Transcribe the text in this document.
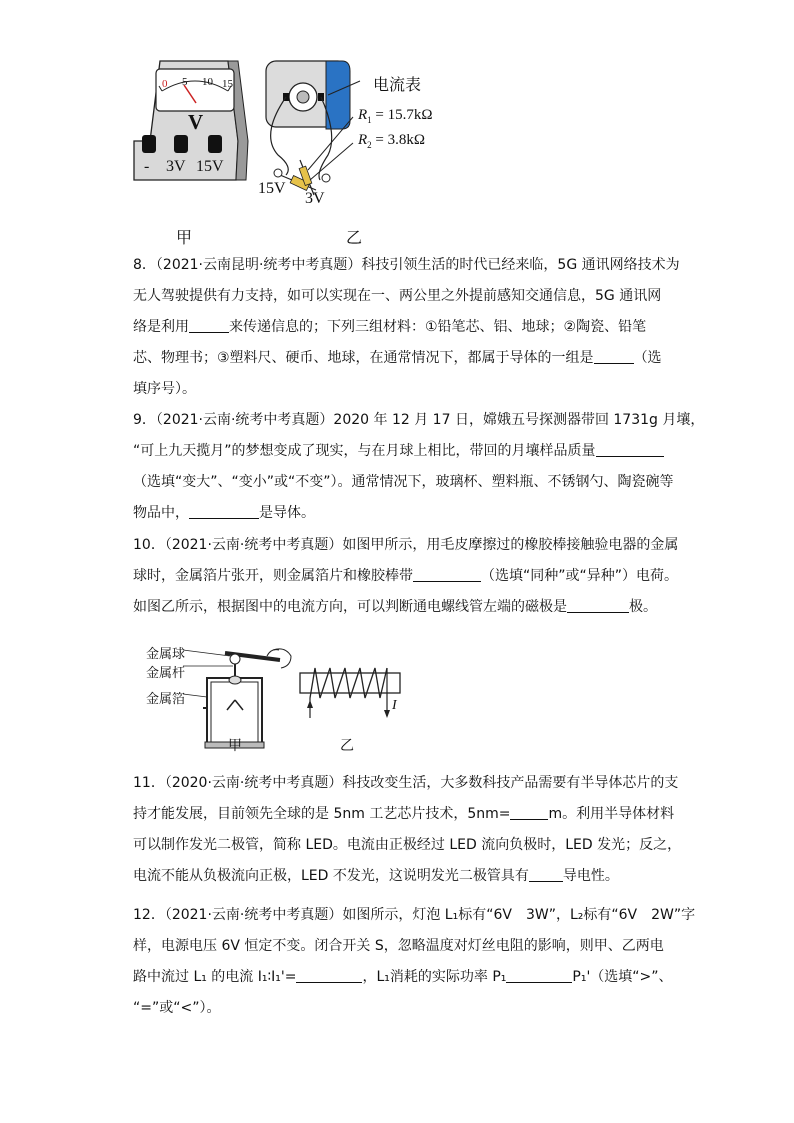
0 5 10 15
V
- 3V 15V
电流表
$R_1 = 15.7k\Omega$
$R_2 = 3.8k\Omega$
15V
3V
甲	乙

8．（2021·云南昆明·统考中考真题）科技引领生活的时代已经来临，5G 通讯网络技术为

无人驾驶提供有力支持，如可以实现在一、两公里之外提前感知交通信息，5G 通讯网

络是利用	来传递信息的；下列三组材料：①铅笔芯、铝、地球；②陶瓷、铅笔

芯、物理书；③塑料尺、硬币、地球，在通常情况下，都属于导体的一组是	（选

填序号）。

9．（2021·云南·统考中考真题）2020 年 12 月 17 日，嫦娥五号探测器带回 1731g 月壤，

“可上九天揽月”的梦想变成了现实，与在月球上相比，带回的月壤样品质量

（选填“变大”、“变小”或“不变”）。通常情况下，玻璃杯、塑料瓶、不锈钢勺、陶瓷碗等

物品中，	是导体。

10．（2021·云南·统考中考真题）如图甲所示，用毛皮摩擦过的橡胶棒接触验电器的金属

球时，金属箔片张开，则金属箔片和橡胶棒带	（选填“同种”或“异种”）电荷。

如图乙所示，根据图中的电流方向，可以判断通电螺线管左端的磁极是	极。

金属球
金属杆
金属箔	I
甲	乙

11．（2020·云南·统考中考真题）科技改变生活，大多数科技产品需要有半导体芯片的支

持才能发展，目前领先全球的是 5nm 工艺芯片技术，5nm=	m。利用半导体材料

可以制作发光二极管，简称 LED。电流由正极经过 LED 流向负极时，LED 发光；反之，

电流不能从负极流向正极，LED 不发光，这说明发光二极管具有 导电性。

12．（2021·云南·统考中考真题）如图所示，灯泡 L₁标有“6V　3W”，L₂标有“6V　2W”字

样，电源电压 6V 恒定不变。闭合开关 S，忽略温度对灯丝电阻的影响，则甲、乙两电

路中流过 L₁ 的电流 I₁∶I₁'=	，L₁消耗的实际功率 P₁	P₁'（选填“>”、

“=”或“<”）。
